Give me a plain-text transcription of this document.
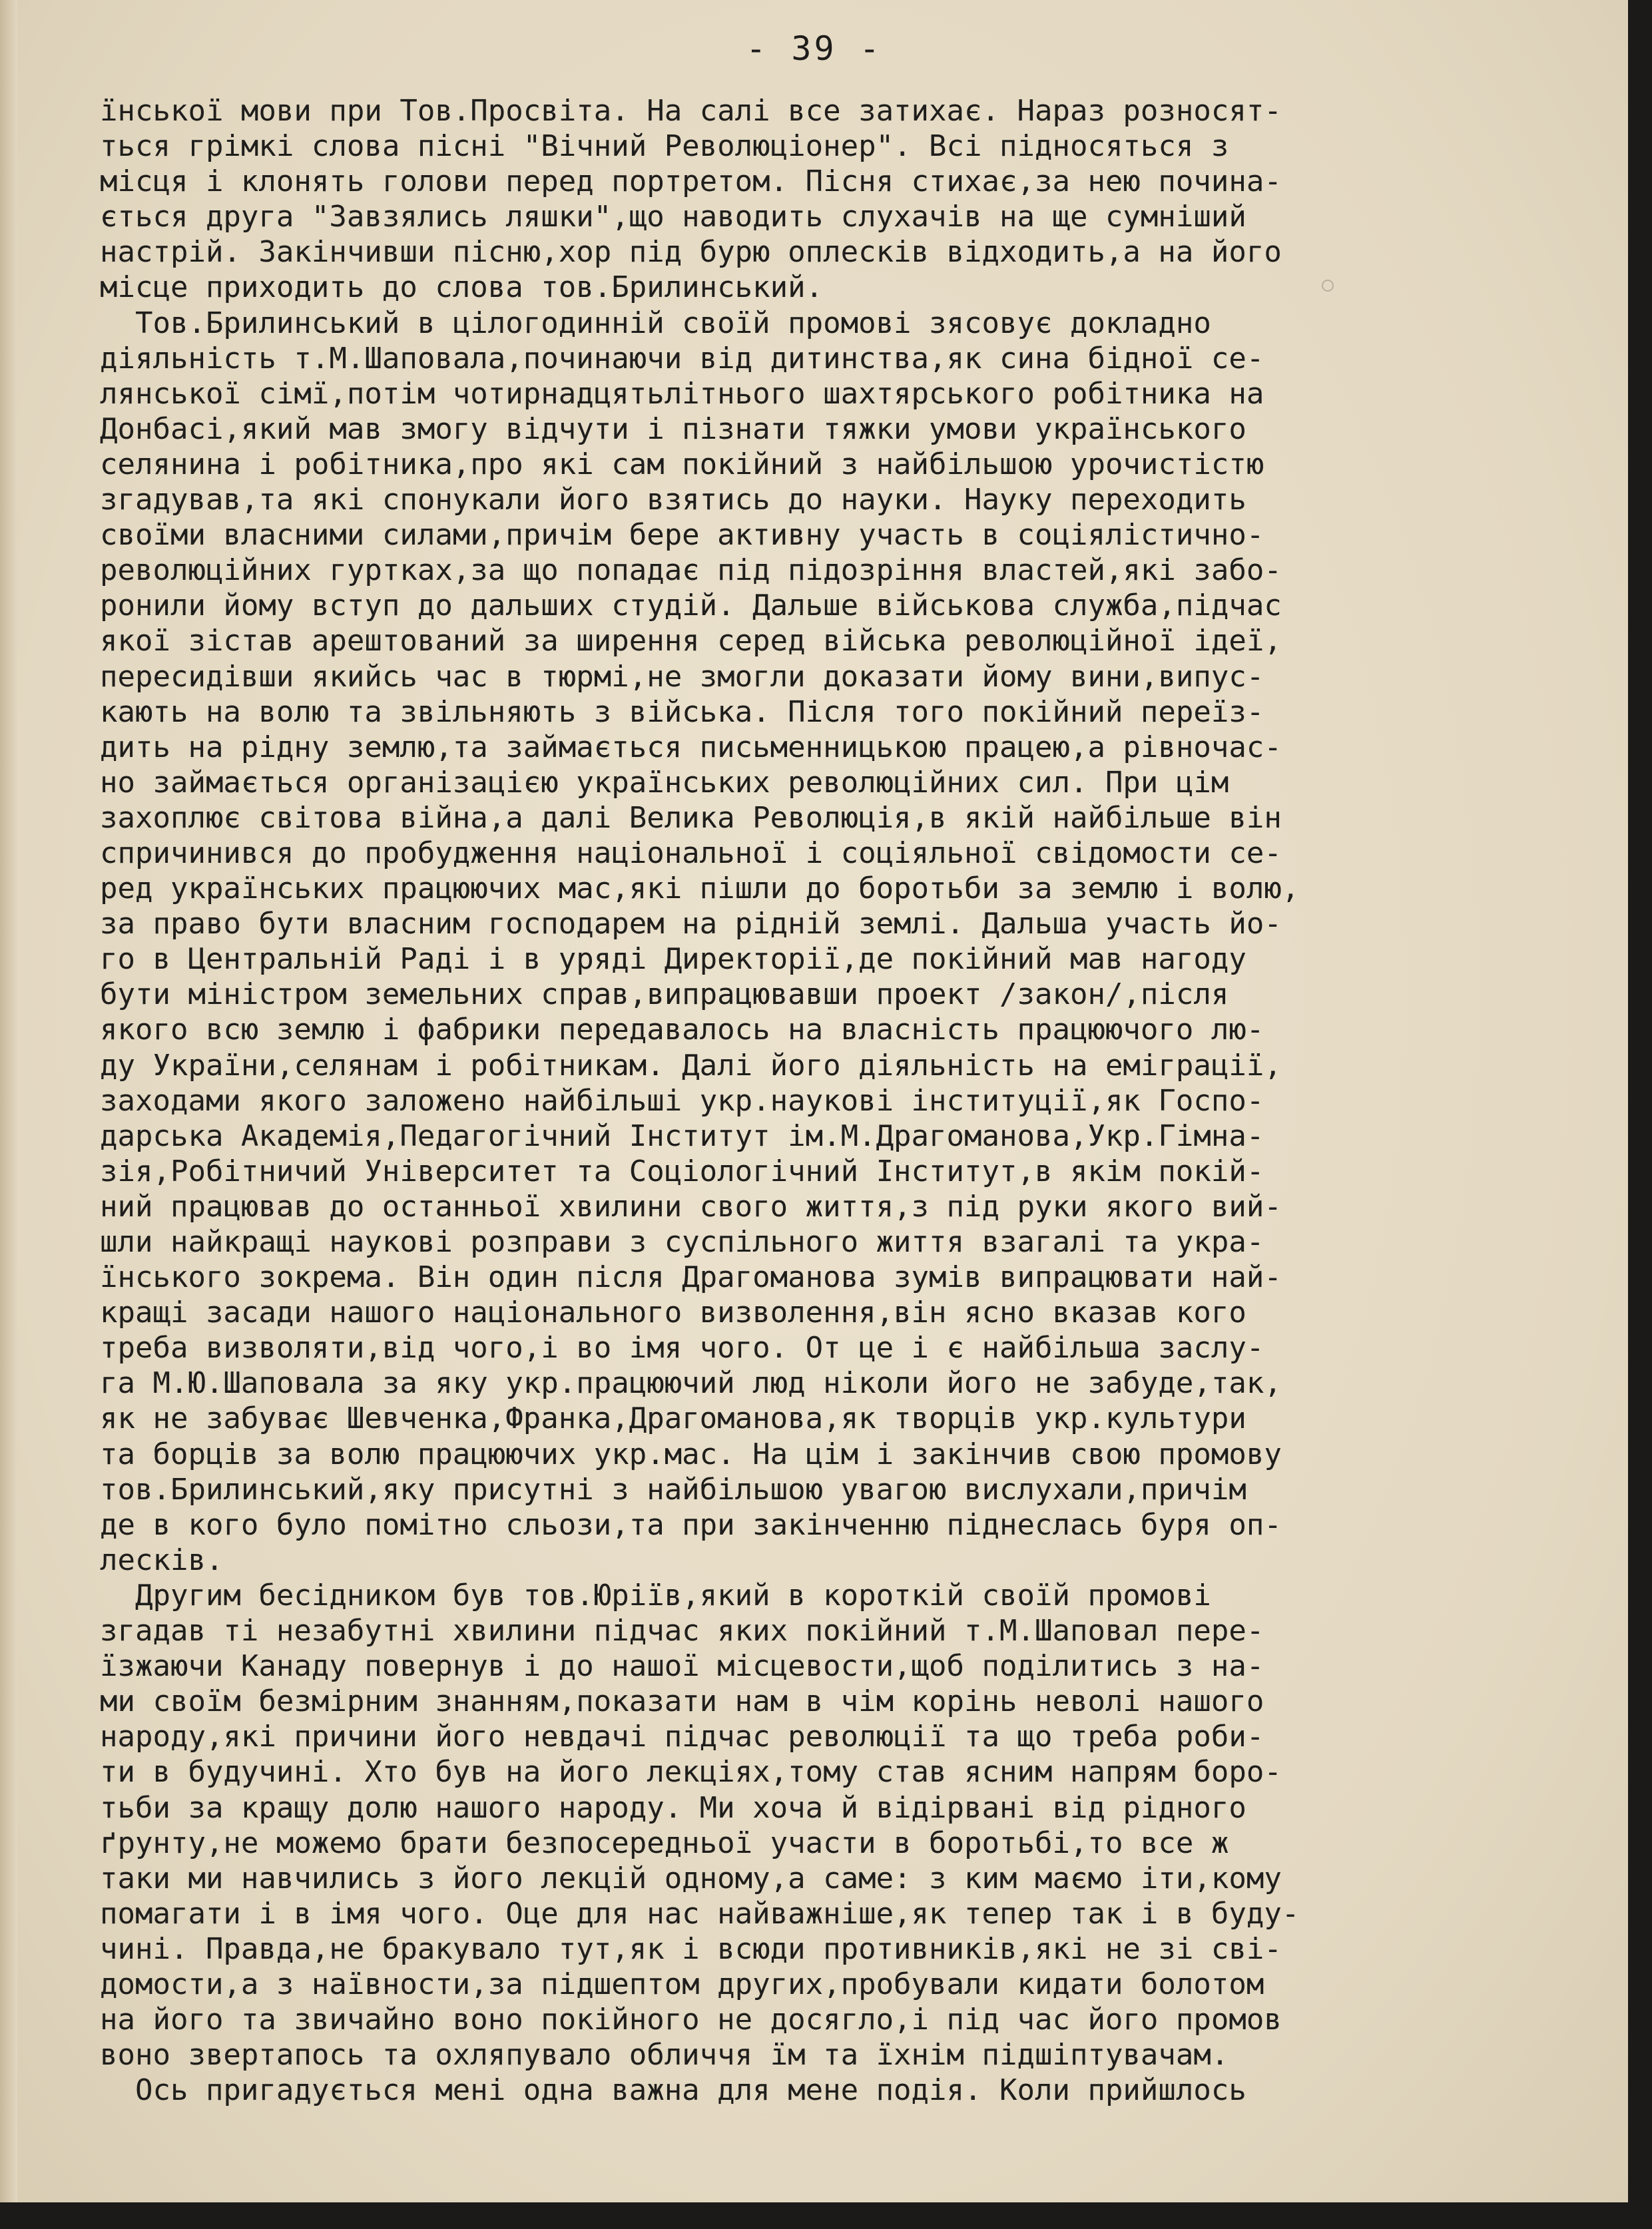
- 39 -
їнської мови при Тов.Просвіта. На салі все затихає. Нараз розносят-
ться грімкі слова пісні "Вічний Революціонер". Всі підносяться з
місця і клонять голови перед портретом. Пісня стихає,за нею почина-
ється друга "Завзялись ляшки",що наводить слухачів на ще сумніший
настрій. Закінчивши пісню,хор під бурю оплесків відходить,а на його
місце приходить до слова тов.Брилинський.
Тов.Брилинський в цілогодинній своїй промові зясовує докладно
діяльність т.М.Шаповала,починаючи від дитинства,як сина бідної се-
лянської сімї,потім чотирнадцятьлітнього шахтярського робітника на
Донбасі,який мав змогу відчути і пізнати тяжки умови українського
селянина і робітника,про які сам покійний з найбільшою урочистістю
згадував,та які спонукали його взятись до науки. Науку переходить
своїми власними силами,причім бере активну участь в соціялістично-
революційних гуртках,за що попадає під підозріння властей,які забо-
ронили йому вступ до дальших студій. Дальше військова служба,підчас
якої зістав арештований за ширення серед війська революційної ідеї,
пересидівши якийсь час в тюрмі,не змогли доказати йому вини,випус-
кають на волю та звільняють з війська. Після того покійний переїз-
дить на рідну землю,та займається письменницькою працею,а рівночас-
но займається організацією українських революційних сил. При цім
захоплює світова війна,а далі Велика Революція,в якій найбільше він
спричинився до пробудження національної і соціяльної свідомости се-
ред українських працюючих мас,які пішли до боротьби за землю і волю,
за право бути власним господарем на рідній землі. Дальша участь йо-
го в Центральній Раді і в уряді Директорії,де покійний мав нагоду
бути міністром земельних справ,випрацювавши проект /закон/,після
якого всю землю і фабрики передавалось на власність працюючого лю-
ду України,селянам і робітникам. Далі його діяльність на еміграції,
заходами якого заложено найбільші укр.наукові інституції,як Госпо-
дарська Академія,Педагогічний Інститут ім.М.Драгоманова,Укр.Гімна-
зія,Робітничий Університет та Соціологічний Інститут,в якім покій-
ний працював до останньої хвилини свого життя,з під руки якого вий-
шли найкращі наукові розправи з суспільного життя взагалі та укра-
їнського зокрема. Він один після Драгоманова зумів випрацювати най-
кращі засади нашого національного визволення,він ясно вказав кого
треба визволяти,від чого,і во імя чого. От це і є найбільша заслу-
га М.Ю.Шаповала за яку укр.працюючий люд ніколи його не забуде,так,
як не забуває Шевченка,Франка,Драгоманова,як творців укр.культури
та борців за волю працюючих укр.мас. На цім і закінчив свою промову
тов.Брилинський,яку присутні з найбільшою увагою вислухали,причім
де в кого було помітно сльози,та при закінченню піднеслась буря оп-
лесків.
Другим бесідником був тов.Юріїв,який в короткій своїй промові
згадав ті незабутні хвилини підчас яких покійний т.М.Шаповал пере-
їзжаючи Канаду повернув і до нашої місцевости,щоб поділитись з на-
ми своїм безмірним знанням,показати нам в чім корінь неволі нашого
народу,які причини його невдачі підчас революції та що треба роби-
ти в будучині. Хто був на його лекціях,тому став ясним напрям боро-
тьби за кращу долю нашого народу. Ми хоча й відірвані від рідного
ґрунту,не можемо брати безпосередньої участи в боротьбі,то все ж
таки ми навчились з його лекцій одному,а саме: з ким маємо іти,кому
помагати і в імя чого. Оце для нас найважніше,як тепер так і в буду-
чині. Правда,не бракувало тут,як і всюди противників,які не зі сві-
домости,а з наївности,за підшептом других,пробували кидати болотом
на його та звичайно воно покійного не досягло,і під час його промов
воно звертапось та охляпувало обличчя їм та їхнім підшіптувачам.
Ось пригадується мені одна важна для мене подія. Коли прийшлось
